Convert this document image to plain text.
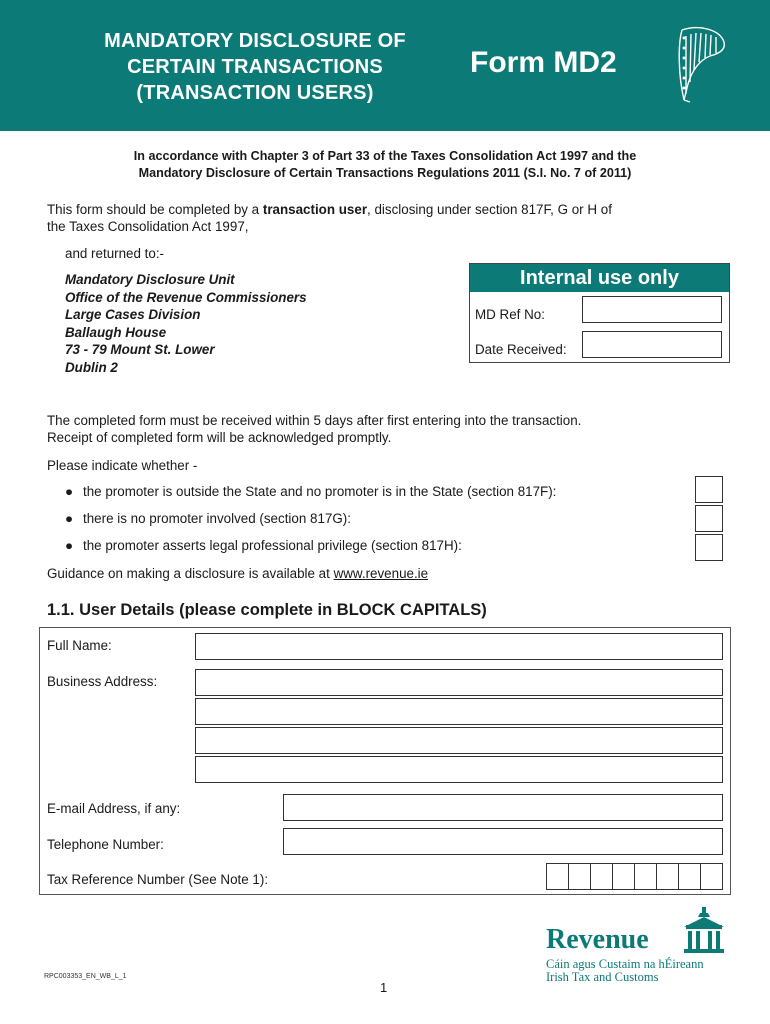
MANDATORY DISCLOSURE OF
CERTAIN TRANSACTIONS
(TRANSACTION USERS)
Form MD2
In accordance with Chapter 3 of Part 33 of the Taxes Consolidation Act 1997 and the
Mandatory Disclosure of Certain Transactions Regulations 2011 (S.I. No. 7 of 2011)
This form should be completed by a transaction user, disclosing under section 817F, G or H of
the Taxes Consolidation Act 1997,
and returned to:-
Mandatory Disclosure Unit
Office of the Revenue Commissioners
Large Cases Division
Ballaugh House
73 - 79 Mount St. Lower
Dublin 2
Internal use only
MD Ref No:
Date Received:
The completed form must be received within 5 days after first entering into the transaction.
Receipt of completed form will be acknowledged promptly.
Please indicate whether -
● the promoter is outside the State and no promoter is in the State (section 817F):
● there is no promoter involved (section 817G):
● the promoter asserts legal professional privilege (section 817H):
Guidance on making a disclosure is available at www.revenue.ie
1.1. User Details (please complete in BLOCK CAPITALS)
Full Name:
Business Address:
E-mail Address, if any:
Telephone Number:
Tax Reference Number (See Note 1):
Revenue
Cáin agus Custaim na hÉireann
Irish Tax and Customs
RPC003353_EN_WB_L_1
1
